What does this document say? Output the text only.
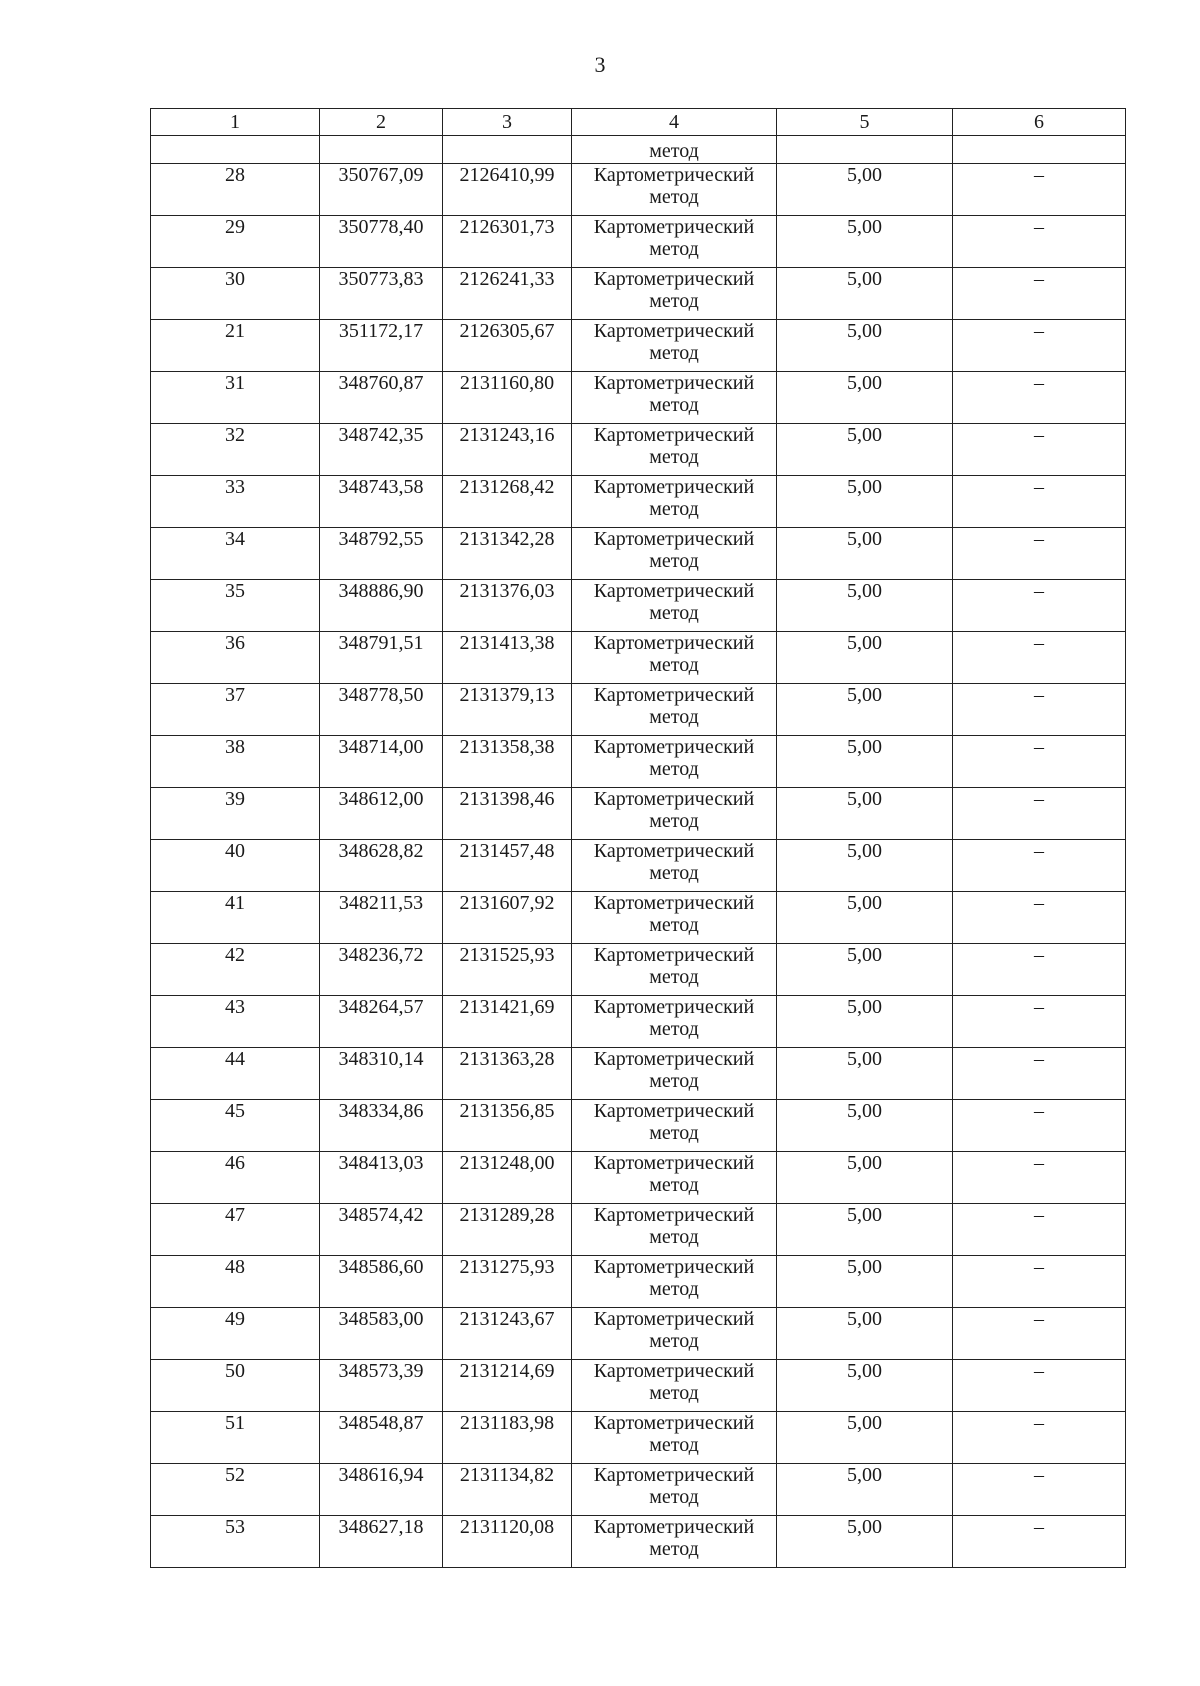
3
1	2	3	4	5	6
			метод		
28	350767,09	2126410,99	Картометрический
метод	5,00	–
29	350778,40	2126301,73	Картометрический
метод	5,00	–
30	350773,83	2126241,33	Картометрический
метод	5,00	–
21	351172,17	2126305,67	Картометрический
метод	5,00	–
31	348760,87	2131160,80	Картометрический
метод	5,00	–
32	348742,35	2131243,16	Картометрический
метод	5,00	–
33	348743,58	2131268,42	Картометрический
метод	5,00	–
34	348792,55	2131342,28	Картометрический
метод	5,00	–
35	348886,90	2131376,03	Картометрический
метод	5,00	–
36	348791,51	2131413,38	Картометрический
метод	5,00	–
37	348778,50	2131379,13	Картометрический
метод	5,00	–
38	348714,00	2131358,38	Картометрический
метод	5,00	–
39	348612,00	2131398,46	Картометрический
метод	5,00	–
40	348628,82	2131457,48	Картометрический
метод	5,00	–
41	348211,53	2131607,92	Картометрический
метод	5,00	–
42	348236,72	2131525,93	Картометрический
метод	5,00	–
43	348264,57	2131421,69	Картометрический
метод	5,00	–
44	348310,14	2131363,28	Картометрический
метод	5,00	–
45	348334,86	2131356,85	Картометрический
метод	5,00	–
46	348413,03	2131248,00	Картометрический
метод	5,00	–
47	348574,42	2131289,28	Картометрический
метод	5,00	–
48	348586,60	2131275,93	Картометрический
метод	5,00	–
49	348583,00	2131243,67	Картометрический
метод	5,00	–
50	348573,39	2131214,69	Картометрический
метод	5,00	–
51	348548,87	2131183,98	Картометрический
метод	5,00	–
52	348616,94	2131134,82	Картометрический
метод	5,00	–
53	348627,18	2131120,08	Картометрический
метод	5,00	–
